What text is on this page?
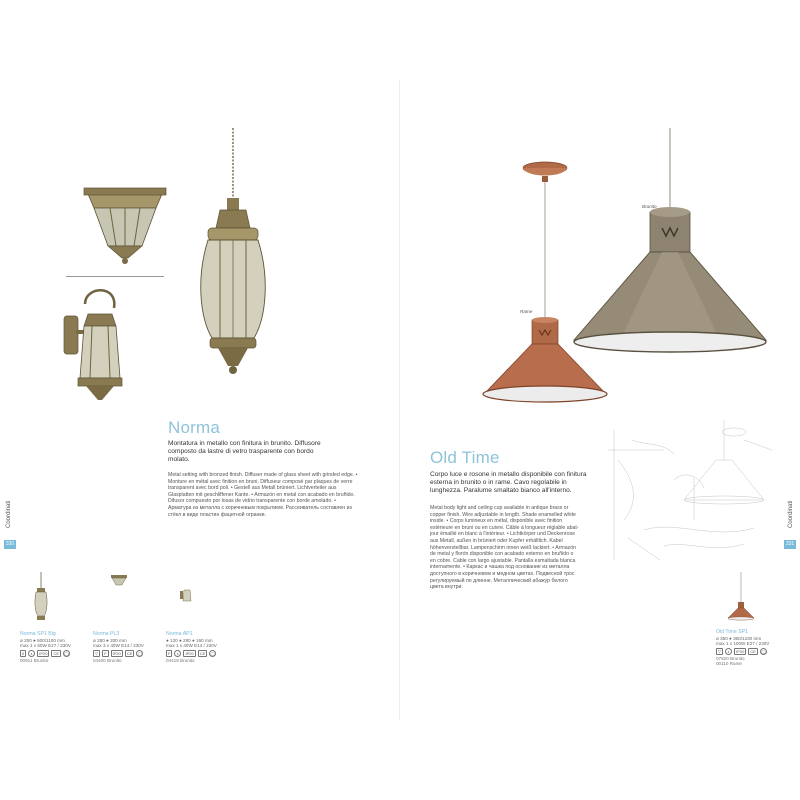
Coordinati
330
Norma
Montatura in metallo con finitura in brunito. Diffusore composto da lastre di vetro trasparente con bordo molato.
Metal setting with bronzed finish. Diffuser made of glass sheet with grinded edge. • Monture en métal avec finition en bruni. Diffuseur composé par plaques de verre transparent avec bord poli. • Gestell aus Metall brüniert. Lichtverteiler aus Glasplatten mit geschliffener Kante. • Armazón en metal con acabado en bruñido. Difusor compuesto por losas de vidrio transparente con borde amolado. • Арматура из металла с коричневым покрытием. Рассеиватель составлен из стёкл в виде пластин фацетной огранки.
Norma SP1 Big
ø 250 ● 500/1100 mm
max 1 x 60W E27 / 230V
II	◐	IP20	CE	◯
00911 Brunito
Norma PL3
ø 280 ● 200 mm
max 3 x 40W E14 / 230V
▽	F	IP20	CE	◯
04400 Brunito
Norma AP1
● 120 ● 280 ● 160 mm
max 1 x 40W E14 / 230V
F	◐	IP20	CE	◯
04418 Brunito
Coordinati
331
Brunito
Rame
Old Time
Corpo luce e rosone in metallo disponibile con finitura esterna in brunito o in rame. Cavo regolabile in lunghezza. Paralume smaltato bianco all'interno.
Metal body light and ceiling cup available in antique brass or copper finish. Wire adjustable in length. Shade enamelled white inside. • Corps lumineux en métal, disponible avec finition extérieure en bruni ou en cuivre. Câble à longueur réglable abat-jour émaillé en blanc à l'intérieur. • Lichtkörper und Deckenrose aus Metall, außen in brüniert oder Kupfer erhältlich. Kabel höhenverstellbar. Lampenschirm innen weiß lackiert. • Armazón de metal y florón disponible con acabado externo en bruñido o en cobre. Cable con largo ajustable. Pantalla esmaltada blanca internamente. • Каркас и чашка под основание из металла доступного в коричневом и медном цветах. Подвесной трос регулируемый по длинне. Металлический абажур белого цвета внутри.
Old Time SP1
ø 350 ● 360/1230 mm
max 1 x 100W E27 / 230V
▽	◐	IP20	CE	◯
07820 Brunito
00110 Rame
